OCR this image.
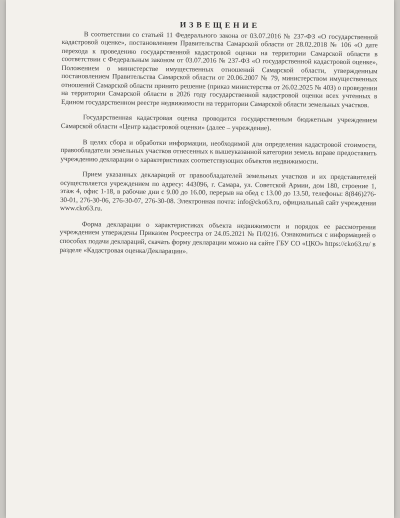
ИЗВЕЩЕНИЕ

В соответствии со статьей 11 Федерального закона от 03.07.2016 № 237-ФЗ «О государственной кадастровой оценке», постановлением Правительства Самарской области от 28.02.2018 № 106 «О дате перехода к проведению государственной кадастровой оценки на территории Самарской области в соответствии с Федеральным законом от 03.07.2016 № 237-ФЗ «О государственной кадастровой оценке», Положением о министерстве имущественных отношений Самарской области, утвержденным постановлением Правительства Самарской области от 20.06.2007 № 79, министерством имущественных отношений Самарской области принято решение (приказ министерства от 26.02.2025 № 403) о проведении на территории Самарской области в 2026 году государственной кадастровой оценки всех учтенных в Едином государственном реестре недвижимости на территории Самарской области земельных участков.

Государственная кадастровая оценка проводится государственным бюджетным учреждением Самарской области «Центр кадастровой оценки» (далее – учреждение).

В целях сбора и обработки информации, необходимой для определения кадастровой стоимости, правообладатели земельных участков отнесенных к вышеуказанной категории земель вправе предоставить учреждению декларации о характеристиках соответствующих объектов недвижимости.

Прием указанных деклараций от правообладателей земельных участков и их представителей осуществляется учреждением по адресу: 443096, г. Самара, ул. Советской Армии, дом 180, строение 1, этаж 4, офис 1-18, в рабочие дни с 9.00 до 16.00, перерыв на обед с 13.00 до 13.50, телефоны: 8(846)276-30-01, 276-30-06, 276-30-07, 276-30-08. Электронная почта: info@cko63.ru, официальный сайт учреждения www.cko63.ru.

Форма декларации о характеристиках объекта недвижимости и порядок ее рассмотрения учреждением утверждены Приказом Росреестра от 24.05.2021 № П/0216. Ознакомиться с информацией о способах подачи деклараций, скачать форму декларации можно на сайте ГБУ СО «ЦКО» https://cko63.ru/ в разделе «Кадастровая оценка/Декларации».
